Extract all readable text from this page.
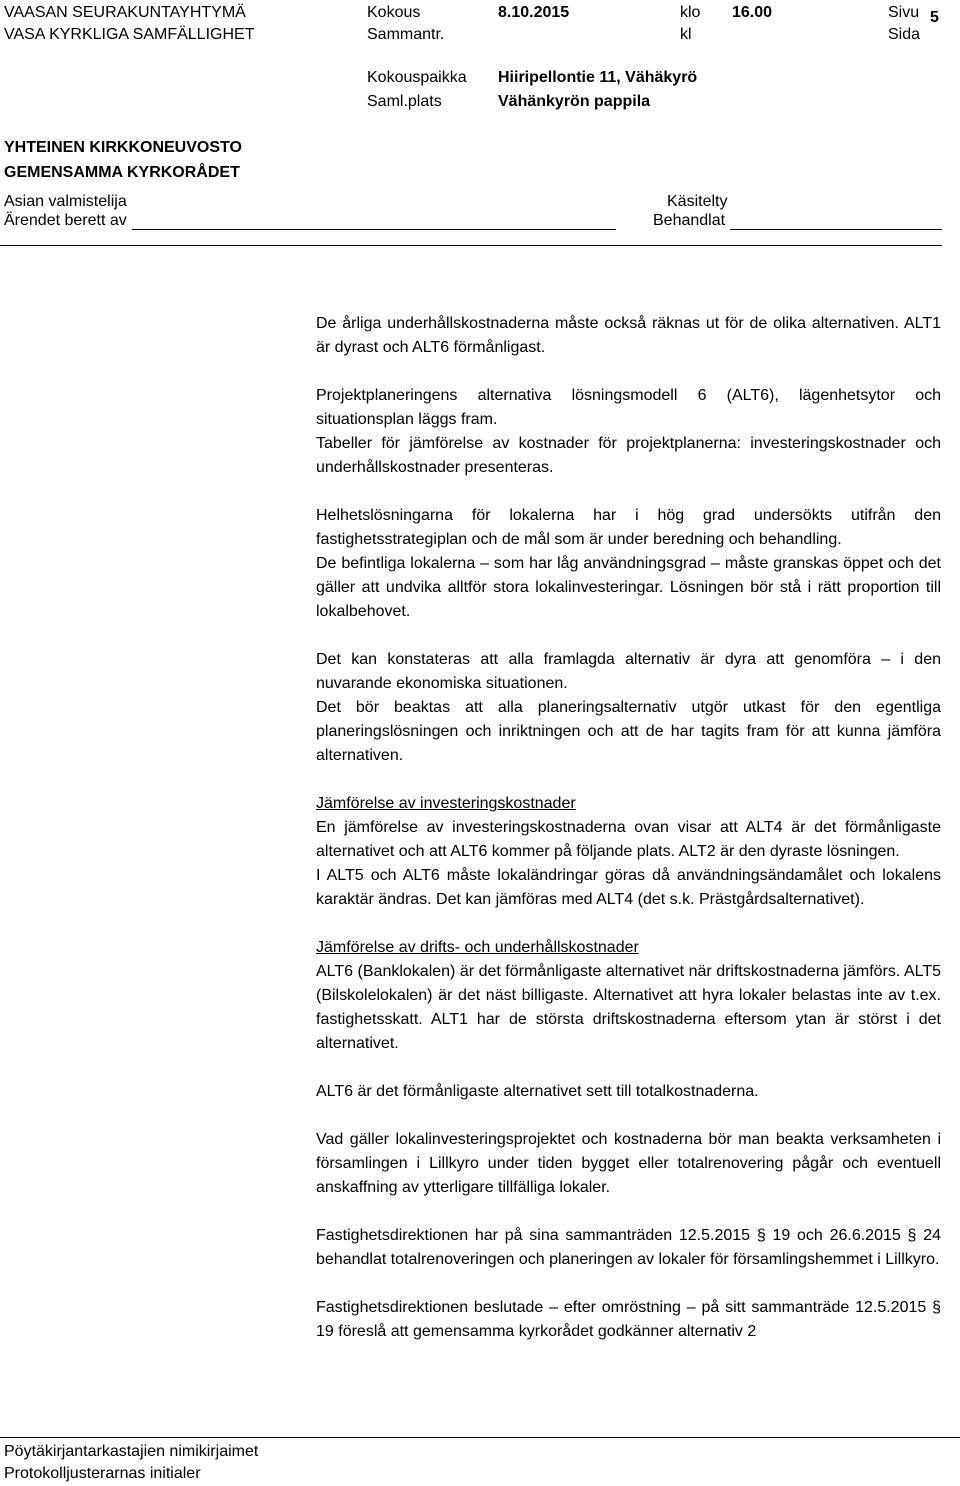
VAASAN SEURAKUNTAYHTYMÄ
VASA KYRKLIGA SAMFÄLLIGHET
Kokous
Sammantr.
8.10.2015	klo
kl
16.00	Sivu
Sida
5
Kokouspaikka
Saml.plats
Hiiripellontie 11, Vähäkyrö
Vähänkyrön pappila
YHTEINEN KIRKKONEUVOSTO
GEMENSAMMA KYRKORÅDET
Asian valmistelija
Ärendet berett av
Käsitelty
Behandlat

De årliga underhållskostnaderna måste också räknas ut för de olika alternativen. ALT1 är dyrast och ALT6 förmånligast.

Projektplaneringens alternativa lösningsmodell 6 (ALT6), lägenhetsytor och situationsplan läggs fram.

Tabeller för jämförelse av kostnader för projektplanerna: investeringskostnader och underhållskostnader presenteras.

Helhetslösningarna för lokalerna har i hög grad undersökts utifrån den fastighetsstrategiplan och de mål som är under beredning och behandling.

De befintliga lokalerna – som har låg användningsgrad – måste granskas öppet och det gäller att undvika alltför stora lokalinvesteringar. Lösningen bör stå i rätt proportion till lokalbehovet.

Det kan konstateras att alla framlagda alternativ är dyra att genomföra – i den nuvarande ekonomiska situationen.

Det bör beaktas att alla planeringsalternativ utgör utkast för den egentliga planeringslösningen och inriktningen och att de har tagits fram för att kunna jämföra alternativen.

Jämförelse av investeringskostnader

En jämförelse av investeringskostnaderna ovan visar att ALT4 är det förmånligaste alternativet och att ALT6 kommer på följande plats. ALT2 är den dyraste lösningen.

I ALT5 och ALT6 måste lokaländringar göras då användningsändamålet och lokalens karaktär ändras. Det kan jämföras med ALT4 (det s.k. Prästgårdsalternativet).

Jämförelse av drifts- och underhållskostnader

ALT6 (Banklokalen) är det förmånligaste alternativet när driftskostnaderna jämförs. ALT5 (Bilskolelokalen) är det näst billigaste. Alternativet att hyra lokaler belastas inte av t.ex. fastighetsskatt. ALT1 har de största driftskostnaderna eftersom ytan är störst i det alternativet.

ALT6 är det förmånligaste alternativet sett till totalkostnaderna.

Vad gäller lokalinvesteringsprojektet och kostnaderna bör man beakta verksamheten i församlingen i Lillkyro under tiden bygget eller totalrenovering pågår och eventuell anskaffning av ytterligare tillfälliga lokaler.

Fastighetsdirektionen har på sina sammanträden 12.5.2015 § 19 och 26.6.2015 § 24 behandlat totalrenoveringen och planeringen av lokaler för församlingshemmet i Lillkyro.

Fastighetsdirektionen beslutade – efter omröstning – på sitt sammanträde 12.5.2015 § 19 föreslå att gemensamma kyrkorådet godkänner alternativ 2

Pöytäkirjantarkastajien nimikirjaimet
Protokolljusterarnas initialer
